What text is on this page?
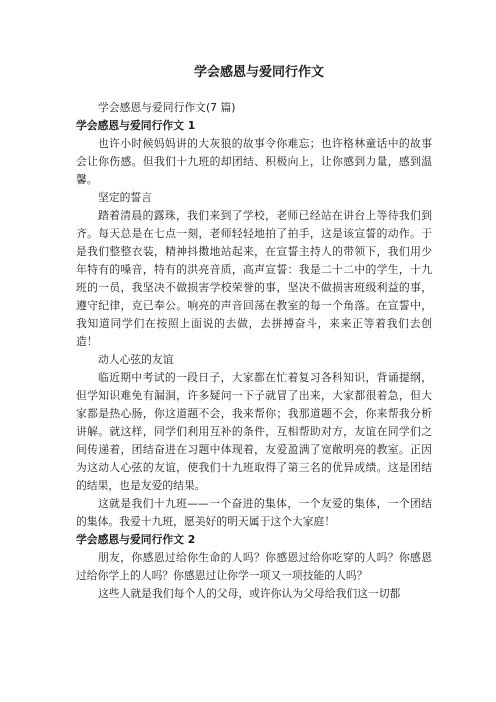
学会感恩与爱同行作文

学会感恩与爱同行作文(7 篇)

学会感恩与爱同行作文 1

也许小时候妈妈讲的大灰狼的故事令你难忘；也许格林童话中的故事会让你伤感。但我们十九班的却团结、积极向上，让你感到力量，感到温馨。

坚定的誓言

踏着清晨的露珠，我们来到了学校，老师已经站在讲台上等待我们到齐。每天总是在七点一刻，老师轻轻地拍了拍手，这是该宣誓的动作。于是我们整整衣装，精神抖擞地站起来，在宣誓主持人的带领下，我们用少年特有的嗓音，特有的洪亮音质，高声宣誓：我是二十二中的学生，十九班的一员，我坚决不做损害学校荣誉的事，坚决不做损害班级利益的事，遵守纪律，克已奉公。响亮的声音回荡在教室的每一个角落。在宣誓中，我知道同学们在按照上面说的去做，去拼搏奋斗，来来正等着我们去创造！

动人心弦的友谊

临近期中考试的一段日子，大家都在忙着复习各科知识，背诵提纲，但学知识难免有漏洞，许多疑问一下子就冒了出来，大家都很着急，但大家都是热心肠，你这道题不会，我来帮你；我那道题不会，你来帮我分析讲解。就这样，同学们利用互补的条件，互相帮助对方，友谊在同学们之间传递着，团结奋进在习题中体现着，友爱盈满了宽敞明亮的教室。正因为这动人心弦的友谊，使我们十九班取得了第三名的优异成绩。这是团结的结果，也是友爱的结果。

这就是我们十九班——一个奋进的集体，一个友爱的集体，一个团结的集体。我爱十九班，愿美好的明天属于这个大家庭！

学会感恩与爱同行作文 2

朋友，你感恩过给你生命的人吗？你感恩过给你吃穿的人吗？你感恩过给你学上的人吗？你感恩过让你学一项又一项技能的人吗？

这些人就是我们每个人的父母，或许你认为父母给我们这一切都
